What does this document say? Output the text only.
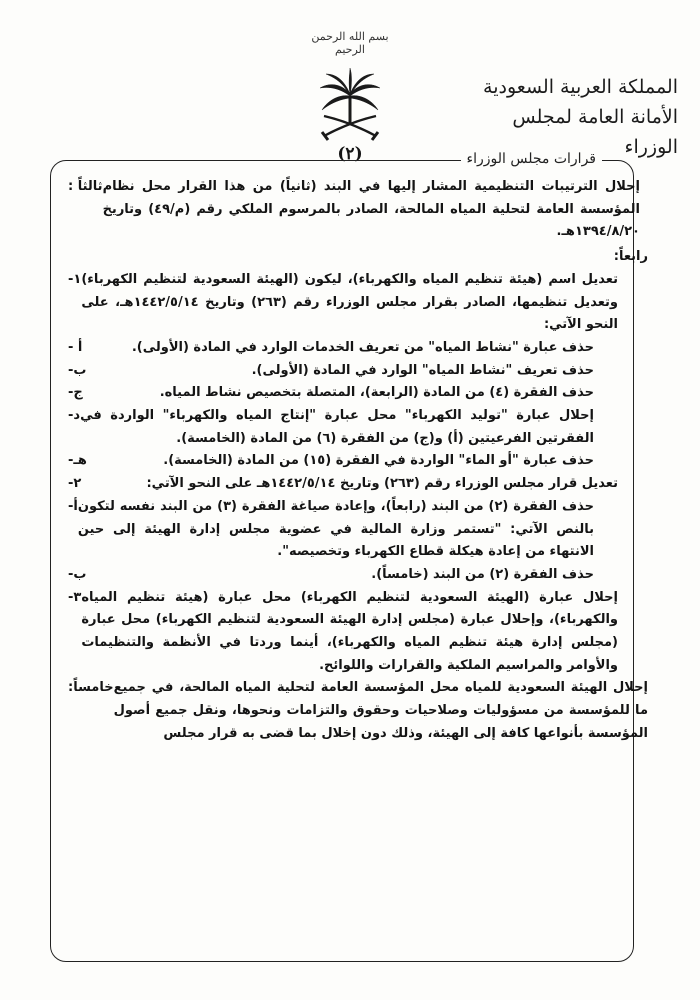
بسم الله الرحمن الرحيم
(٢)
المملكة العربية السعودية
الأمانة العامة لمجلس الوزراء
قرارات مجلس الوزراء
ثالثاً : إحلال الترتيبات التنظيمية المشار إليها في البند (ثانياً) من هذا القرار محل نظام المؤسسة العامة لتحلية المياه المالحة، الصادر بالمرسوم الملكي رقم (م/٤٩) وتاريخ ١٣٩٤/٨/٢٠هـ.

رابعاً:
١- تعديل اسم (هيئة تنظيم المياه والكهرباء)، ليكون (الهيئة السعودية لتنظيم الكهرباء) وتعديل تنظيمها، الصادر بقرار مجلس الوزراء رقم (٢٦٣) وتاريخ ١٤٤٢/٥/١٤هـ، على النحو الآتي:

أ -	حذف عبارة "نشاط المياه" من تعريف الخدمات الوارد في المادة (الأولى).

ب-	حذف تعريف "نشاط المياه" الوارد في المادة (الأولى).

ج-	حذف الفقرة (٤) من المادة (الرابعة)، المتصلة بتخصيص نشاط المياه.

د- إحلال عبارة "توليد الكهرباء" محل عبارة "إنتاج المياه والكهرباء" الواردة في الفقرتين الفرعيتين (أ) و(ج) من الفقرة (٦) من المادة (الخامسة).

هـ-	حذف عبارة "أو الماء" الواردة في الفقرة (١٥) من المادة (الخامسة).

٢-	تعديل قرار مجلس الوزراء رقم (٢٦٣) وتاريخ ١٤٤٢/٥/١٤هـ على النحو الآتي:

أ- حذف الفقرة (٢) من البند (رابعاً)، وإعادة صياغة الفقرة (٣) من البند نفسه لتكون بالنص الآتي: "تستمر وزارة المالية في عضوية مجلس إدارة الهيئة إلى حين الانتهاء من إعادة هيكلة قطاع الكهرباء وتخصيصه".

ب-	حذف الفقرة (٢) من البند (خامساً).

٣- إحلال عبارة (الهيئة السعودية لتنظيم الكهرباء) محل عبارة (هيئة تنظيم المياه والكهرباء)، وإحلال عبارة (مجلس إدارة الهيئة السعودية لتنظيم الكهرباء) محل عبارة (مجلس إدارة هيئة تنظيم المياه والكهرباء)، أينما وردتا في الأنظمة والتنظيمات والأوامر والمراسيم الملكية والقرارات واللوائح.

خامساً: إحلال الهيئة السعودية للمياه محل المؤسسة العامة لتحلية المياه المالحة، في جميع ما للمؤسسة من مسؤوليات وصلاحيات وحقوق والتزامات ونحوها، ونقل جميع أصول المؤسسة بأنواعها كافة إلى الهيئة، وذلك دون إخلال بما قضى به قرار مجلس
